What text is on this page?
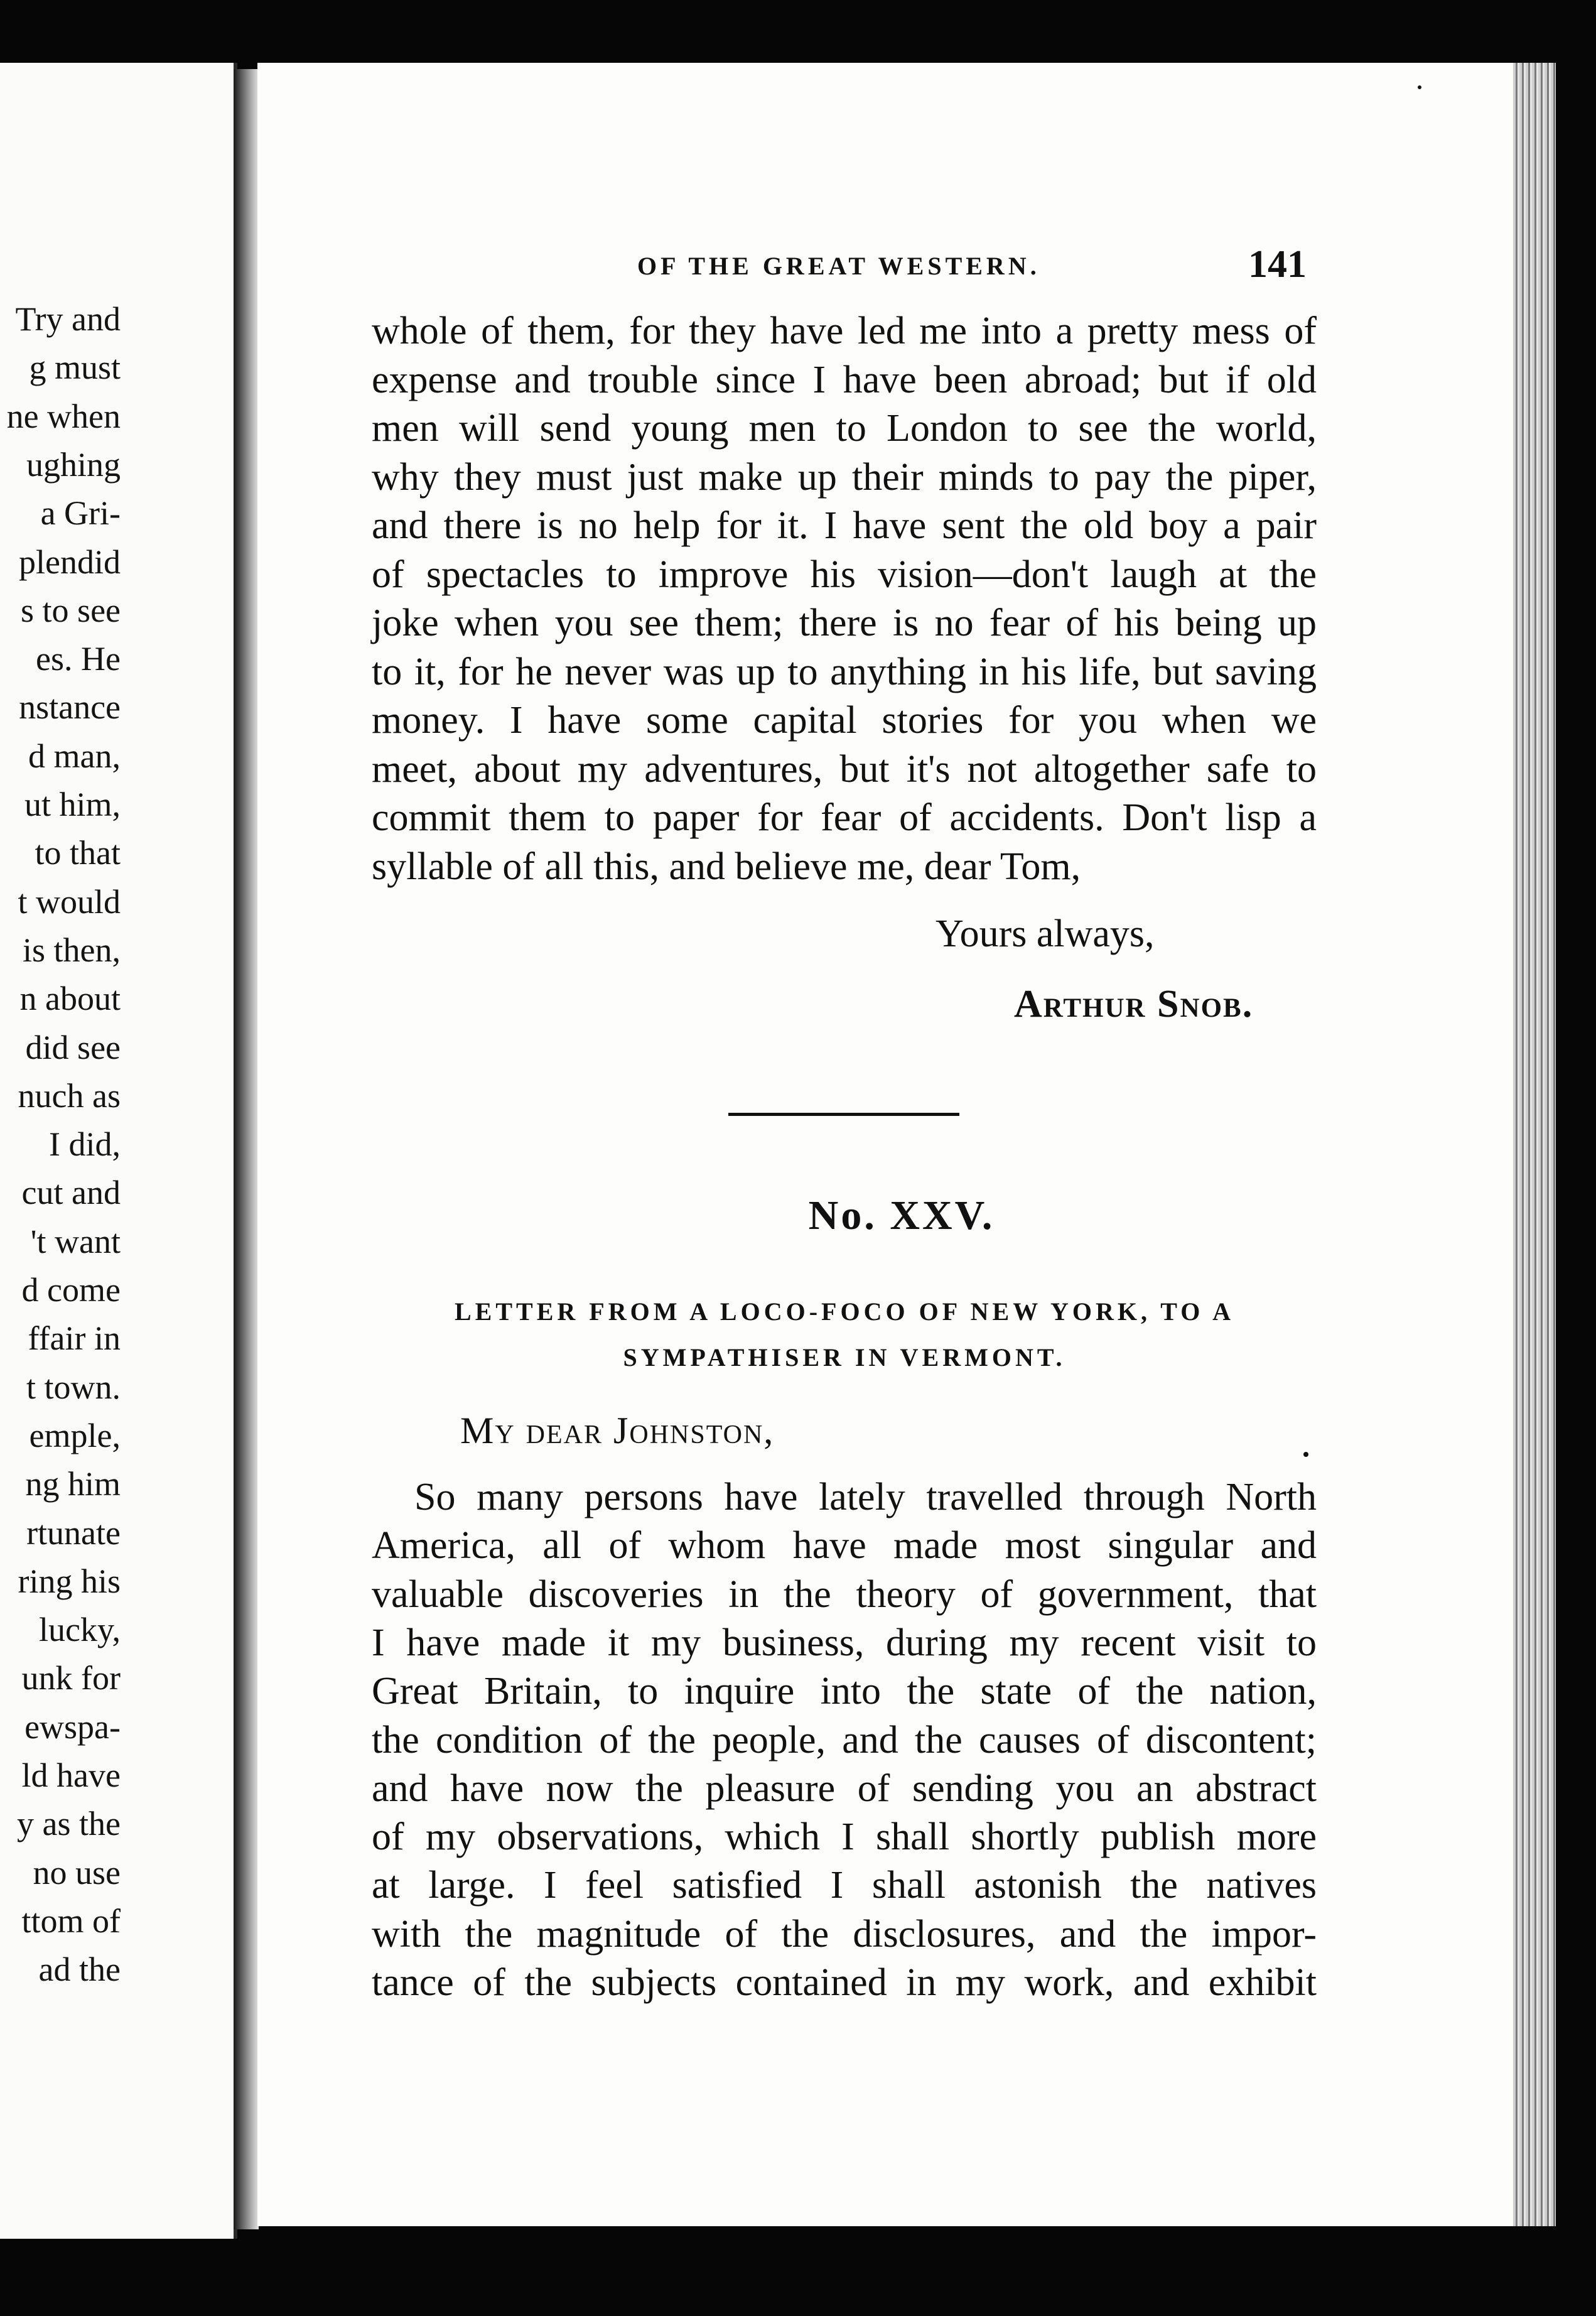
Try and
g must
ne when
ughing
a Gri-
plendid
s to see
es. He
nstance
d man,
ut him,
to that
t would
is then,
n about
did see
nuch as
I did,
cut and
't want
d come
ffair in
t town.
emple,
ng him
rtunate
ring his
lucky,
unk for
ewspa-
ld have
y as the
no use
ttom of
ad the
OF THE GREAT WESTERN.	141
whole of them, for they have led me into a pretty mess of
expense and trouble since I have been abroad; but if old
men will send young men to London to see the world,
why they must just make up their minds to pay the piper,
and there is no help for it. I have sent the old boy a pair
of spectacles to improve his vision—don't laugh at the
joke when you see them; there is no fear of his being up
to it, for he never was up to anything in his life, but saving
money. I have some capital stories for you when we
meet, about my adventures, but it's not altogether safe to
commit them to paper for fear of accidents. Don't lisp a
syllable of all this, and believe me, dear Tom,
Yours always,
Arthur Snob.
No. XXV.
LETTER FROM A LOCO-FOCO OF NEW YORK, TO A
SYMPATHISER IN VERMONT.
My dear Johnston,
So many persons have lately travelled through North
America, all of whom have made most singular and
valuable discoveries in the theory of government, that
I have made it my business, during my recent visit to
Great Britain, to inquire into the state of the nation,
the condition of the people, and the causes of discontent;
and have now the pleasure of sending you an abstract
of my observations, which I shall shortly publish more
at large. I feel satisfied I shall astonish the natives
with the magnitude of the disclosures, and the impor-
tance of the subjects contained in my work, and exhibit
